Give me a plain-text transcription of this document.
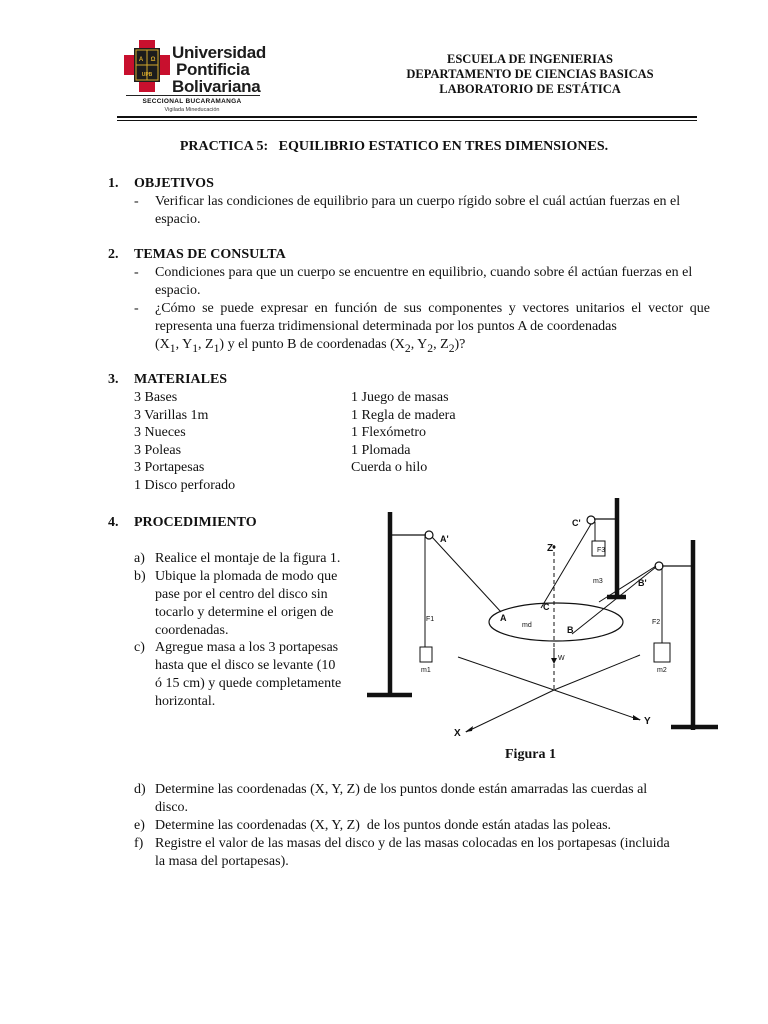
A Ω
UPB
Universidad
Pontificia
Bolivariana
SECCIONAL BUCARAMANGA
Vigilada Mineducación
ESCUELA DE INGENIERIAS
DEPARTAMENTO DE CIENCIAS BASICAS
LABORATORIO DE ESTÁTICA
PRACTICA 5:   EQUILIBRIO ESTATICO EN TRES DIMENSIONES.
1. OBJETIVOS
- Verificar las condiciones de equilibrio para un cuerpo rígido sobre el cuál actúan fuerzas en el espacio.
2. TEMAS DE CONSULTA
- Condiciones para que un cuerpo se encuentre en equilibrio, cuando sobre él actúan fuerzas en el espacio.
- ¿Cómo se puede expresar en función de sus componentes y vectores unitarios el vector que representa una fuerza tridimensional determinada por los puntos A de coordenadas
($X_1$, $Y_1$, $Z_1$) y el punto B de coordenadas ($X_2$, $Y_2$, $Z_2$)?
3. MATERIALES
3 Bases
3 Varillas 1m
3 Nueces
3 Poleas
3 Portapesas
1 Disco perforado
1 Juego de masas
1 Regla de madera
1 Flexómetro
1 Plomada
Cuerda o hilo
4. PROCEDIMIENTO
a) Realice el montaje de la figura 1.
b) Ubique la plomada de modo que
pase por el centro del disco sin
tocarlo y determine el origen de
coordenadas.
c) Agregue masa a los 3 portapesas
hasta que el disco se levante (10
ó 15 cm) y quede completamente
horizontal.
A'
A
C'
C
B'
B
Z
X
Y
F1	F2
F3
m1	m2
m3
md
W
Figura 1
d) Determine las coordenadas (X, Y, Z) de los puntos donde están amarradas las cuerdas al
disco.
e) Determine las coordenadas (X, Y, Z)  de los puntos donde están atadas las poleas.
f) Registre el valor de las masas del disco y de las masas colocadas en los portapesas (incluida
la masa del portapesas).
